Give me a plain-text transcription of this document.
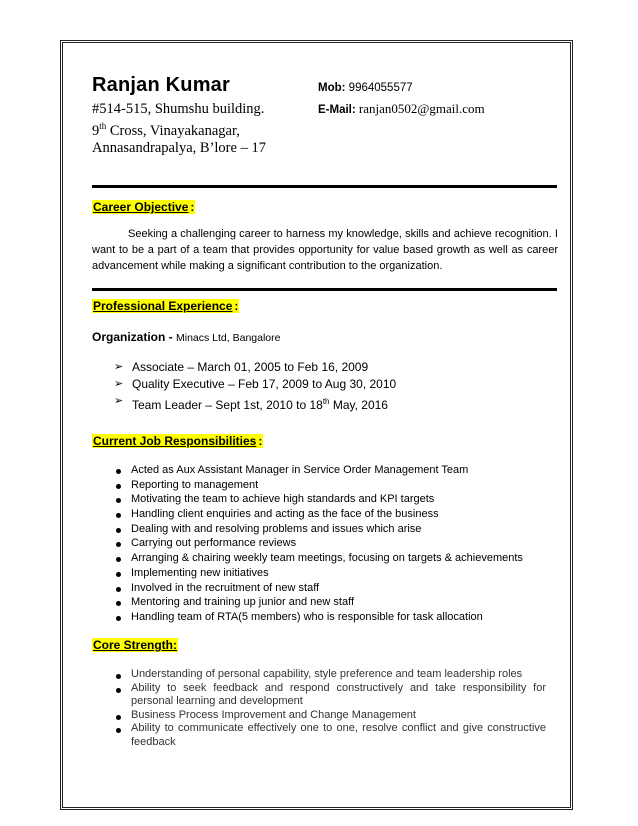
Ranjan Kumar
#514-515, Shumshu building.
9th Cross, Vinayakanagar,
Annasandrapalya, B’lore – 17
Mob: 9964055577
E-Mail: ranjan0502@gmail.com
Career Objective :
Seeking a challenging career to harness my knowledge, skills and achieve recognition. I want to be a part of a team that provides opportunity for value based growth as well as career advancement while making a significant contribution to the organization.
Professional Experience :
Organization - Minacs Ltd, Bangalore
➢ Associate – March 01, 2005 to Feb 16, 2009
➢ Quality Executive – Feb 17, 2009 to Aug 30, 2010
➢ Team Leader – Sept 1st, 2010 to 18th May, 2016
Current Job Responsibilities :
Acted as Aux Assistant Manager in Service Order Management Team
Reporting to management
Motivating the team to achieve high standards and KPI targets
Handling client enquiries and acting as the face of the business
Dealing with and resolving problems and issues which arise
Carrying out performance reviews
Arranging & chairing weekly team meetings, focusing on targets & achievements
Implementing new initiatives
Involved in the recruitment of new staff
Mentoring and training up junior and new staff
Handling team of RTA(5 members) who is responsible for task allocation
Core Strength:
Understanding of personal capability, style preference and team leadership roles
Ability to seek feedback and respond constructively and take responsibility for personal learning and development
Business Process Improvement and Change Management
Ability to communicate effectively one to one, resolve conflict and give constructive feedback
